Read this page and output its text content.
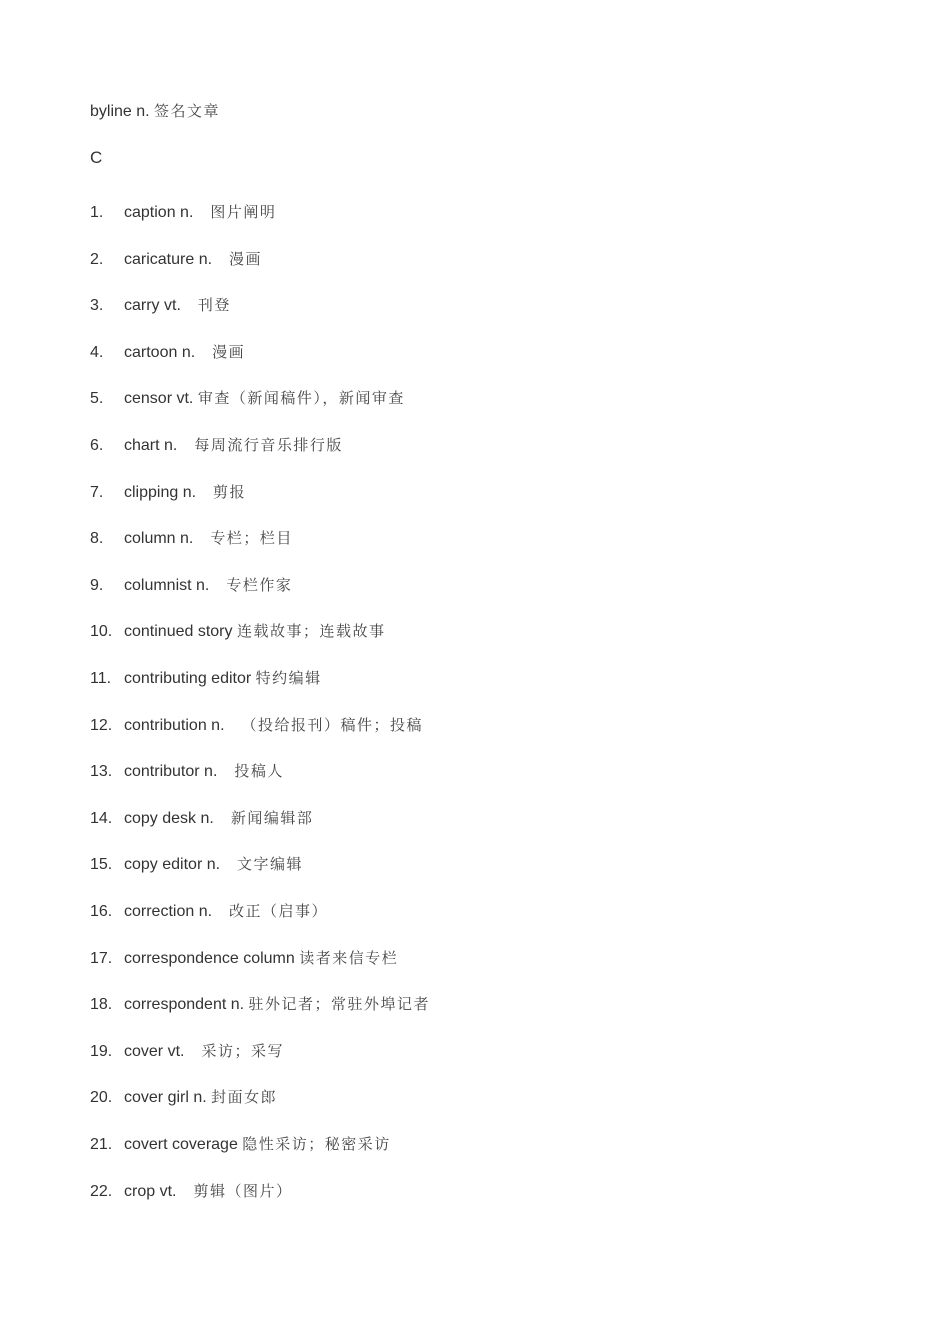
byline n. 签名文章
C
1. caption n.   图片阐明
2. caricature n.   漫画
3. carry vt.   刊登
4. cartoon n.   漫画
5. censor vt. 审查（新闻稿件），新闻审查
6. chart n.   每周流行音乐排行版
7. clipping n.   剪报
8. column n.   专栏；栏目
9. columnist n.   专栏作家
10. continued story 连载故事；连载故事
11. contributing editor 特约编辑
12. contribution n.   （投给报刊）稿件；投稿
13. contributor n.   投稿人
14. copy desk n.   新闻编辑部
15. copy editor n.   文字编辑
16. correction n.   改正（启事）
17. correspondence column 读者来信专栏
18. correspondent n. 驻外记者；常驻外埠记者
19. cover vt.   采访；采写
20. cover girl n. 封面女郎
21. covert coverage 隐性采访；秘密采访
22. crop vt.   剪辑（图片）
